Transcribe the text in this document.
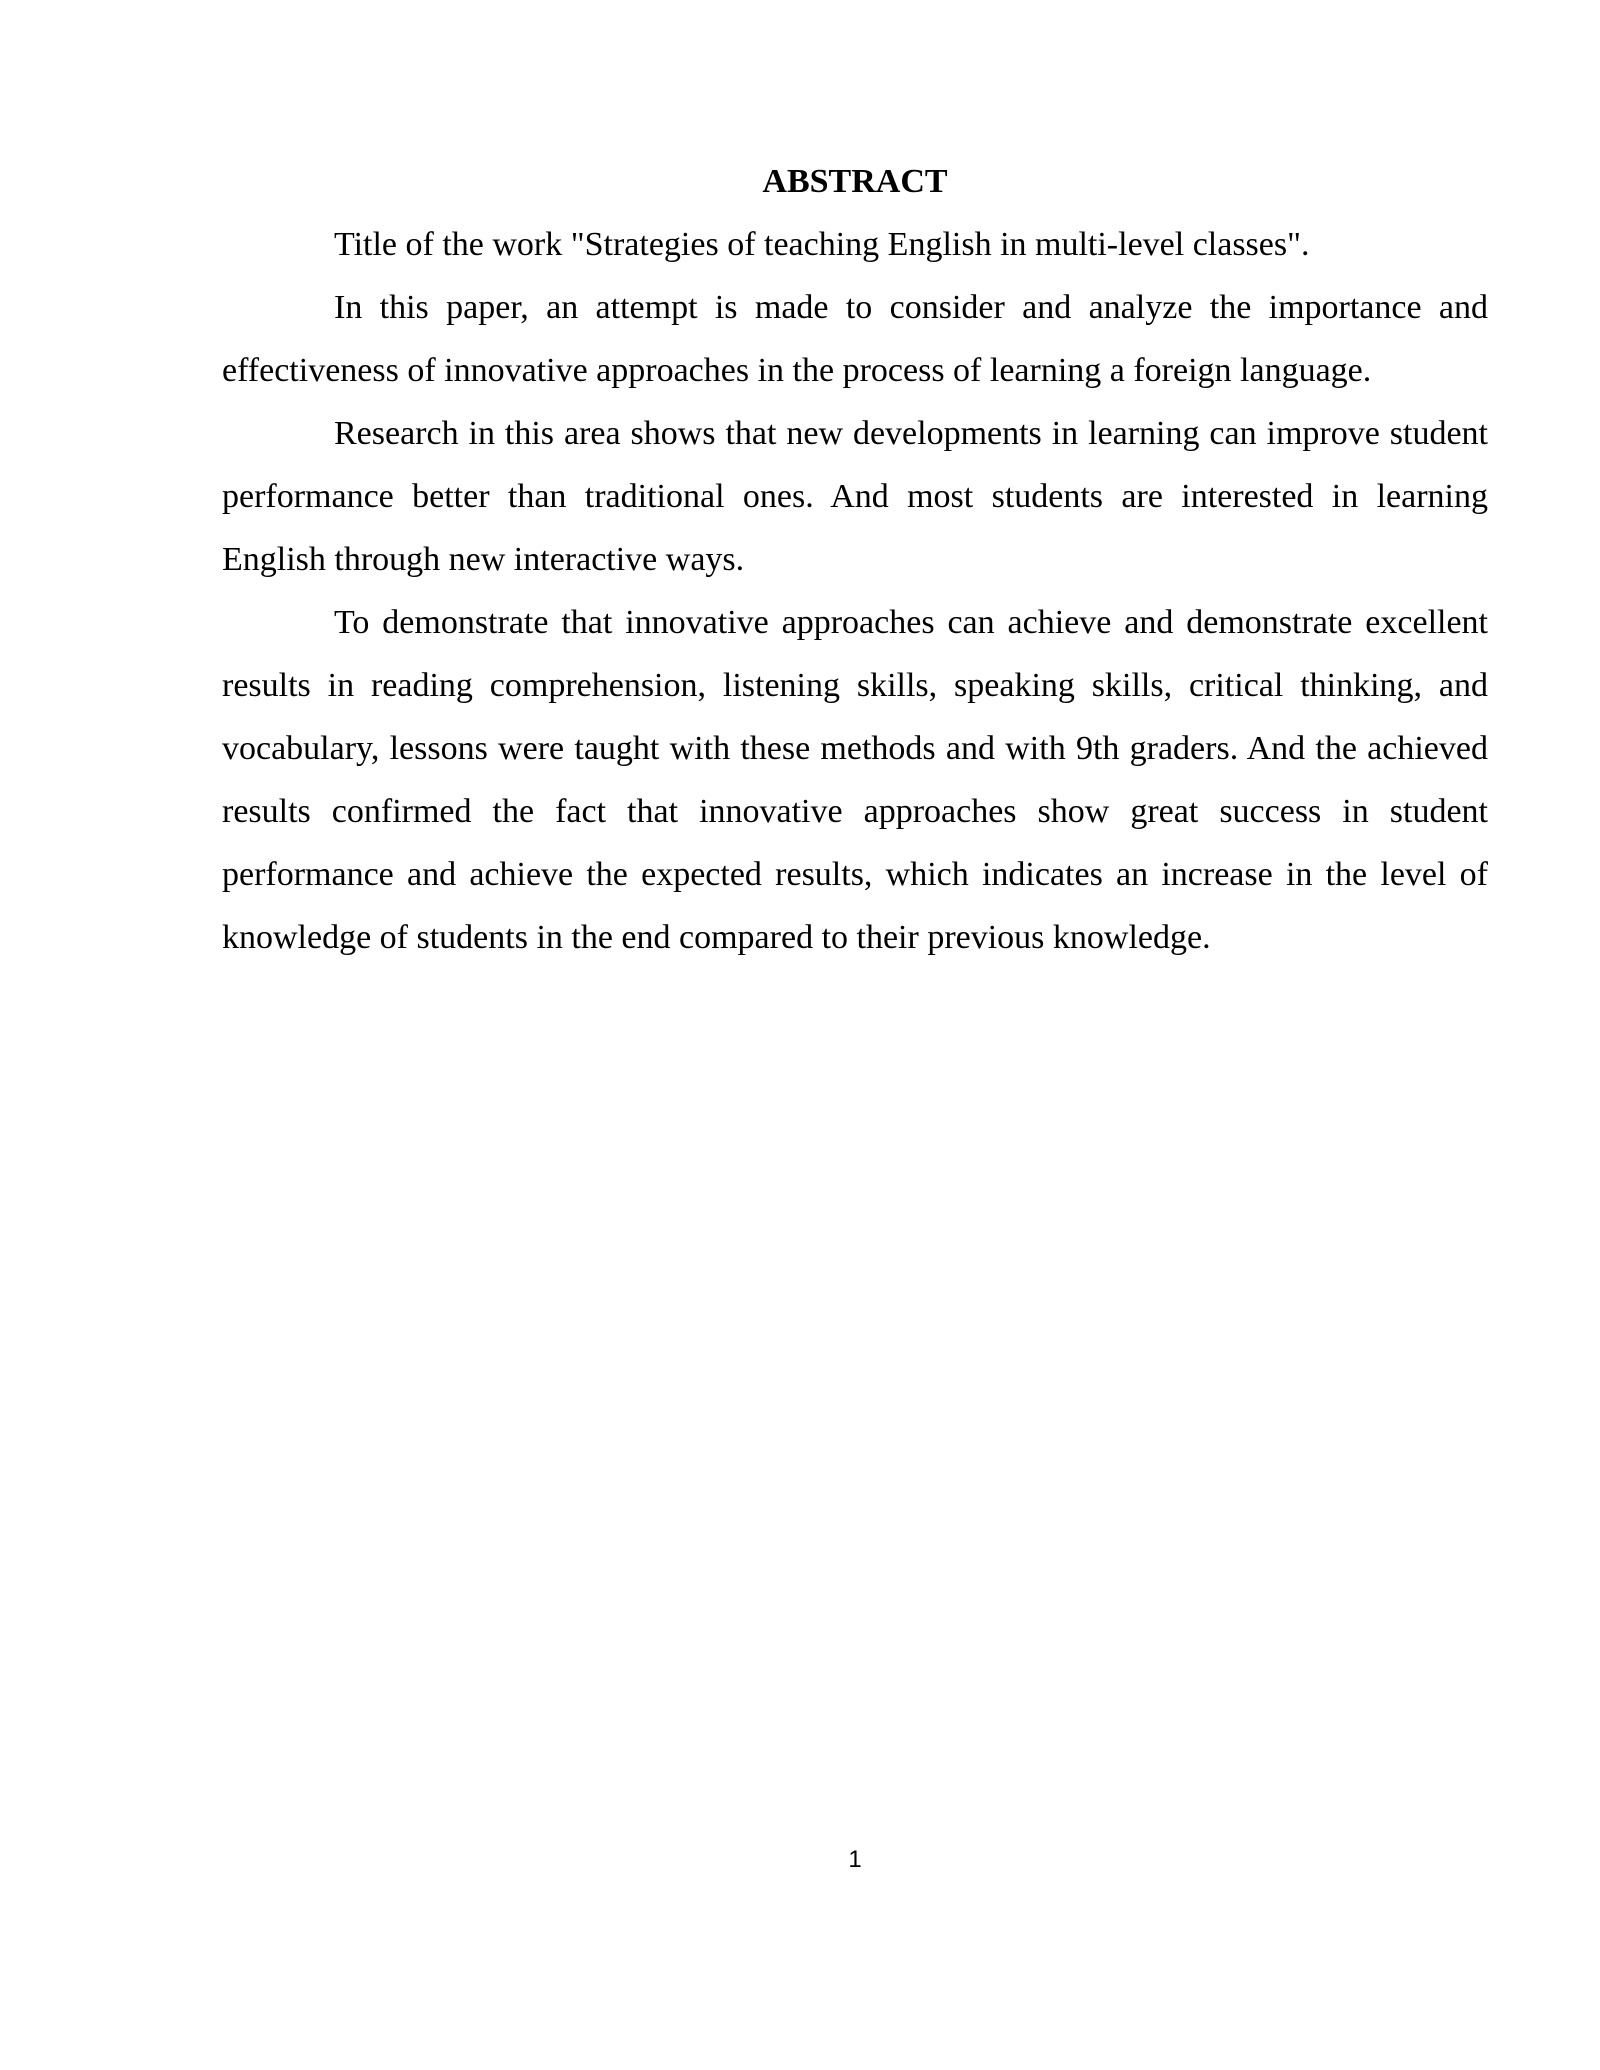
ABSTRACT

Title of the work "Strategies of teaching English in multi-level classes".

In this paper, an attempt is made to consider and analyze the importance and effectiveness of innovative approaches in the process of learning a foreign language.

Research in this area shows that new developments in learning can improve student performance better than traditional ones. And most students are interested in learning English through new interactive ways.

To demonstrate that innovative approaches can achieve and demonstrate excellent results in reading comprehension, listening skills, speaking skills, critical thinking, and vocabulary, lessons were taught with these methods and with 9th graders. And the achieved results confirmed the fact that innovative approaches show great success in student performance and achieve the expected results, which indicates an increase in the level of knowledge of students in the end compared to their previous knowledge.

1
